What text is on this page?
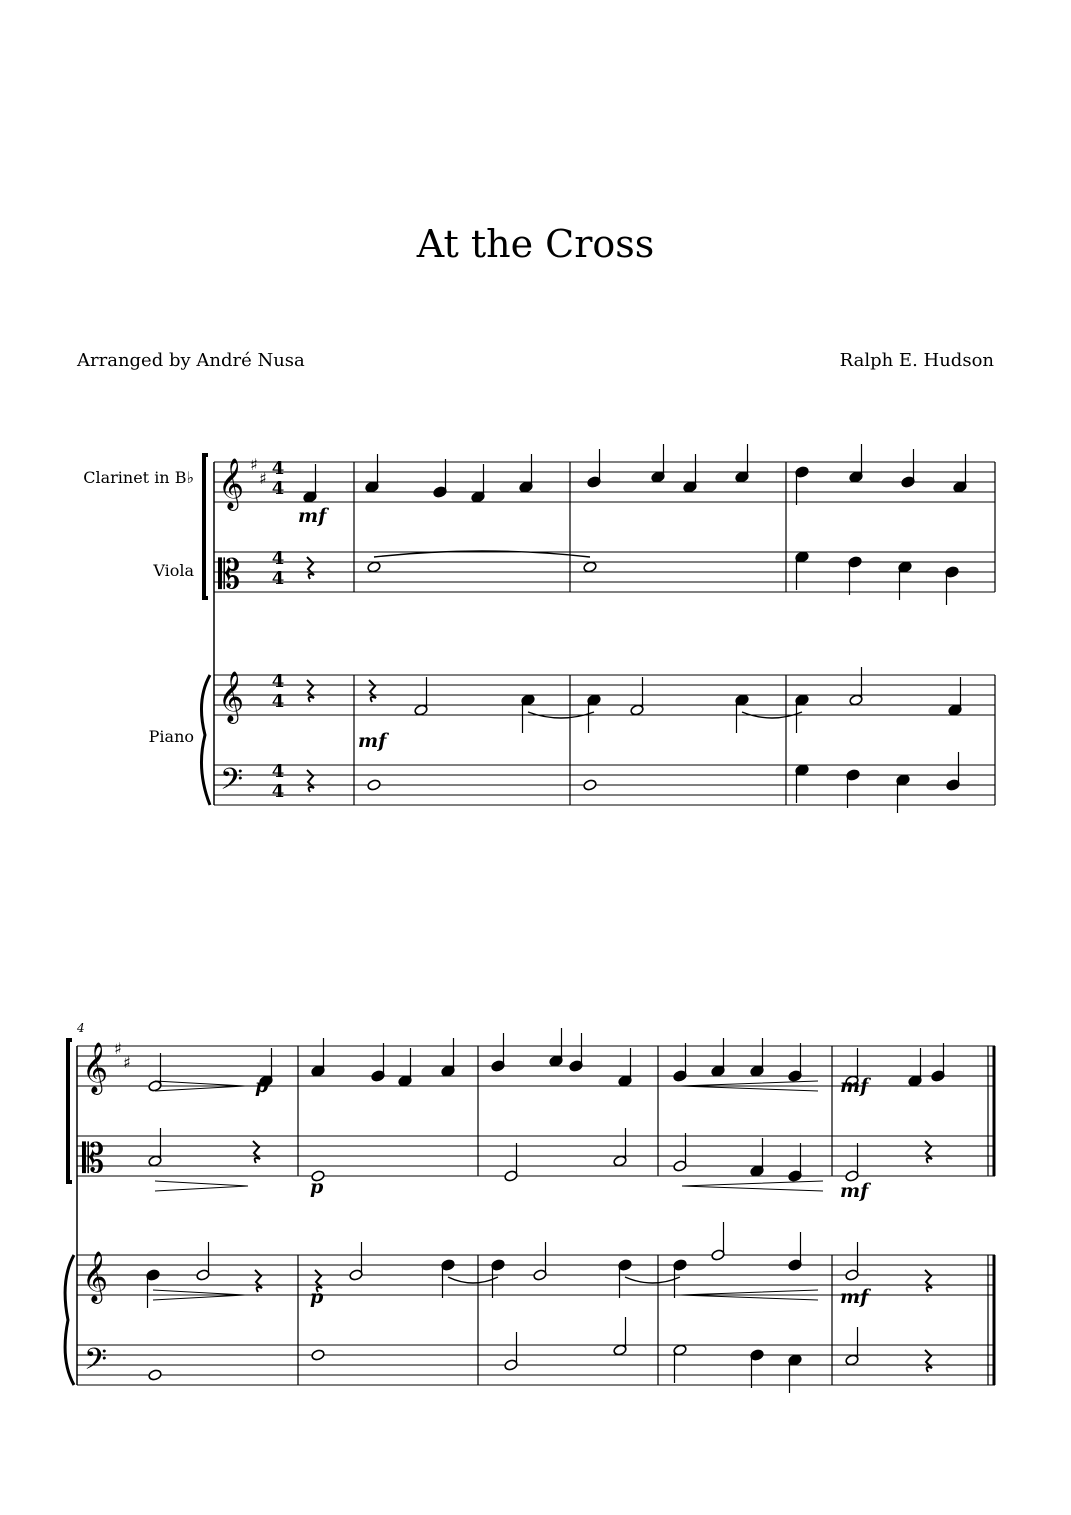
At the Cross
Arranged by André Nusa	Ralph E. Hudson
Clarinet in B♭
Viola
Piano
𝄞
𝄡
𝄞
𝄢
𝄞
𝄡
𝄞
𝄢
♯
♯
♯
♯
4
4
4
4
4
4
4
4
4
mf
mf
p	mf
p	mf
p	mf
